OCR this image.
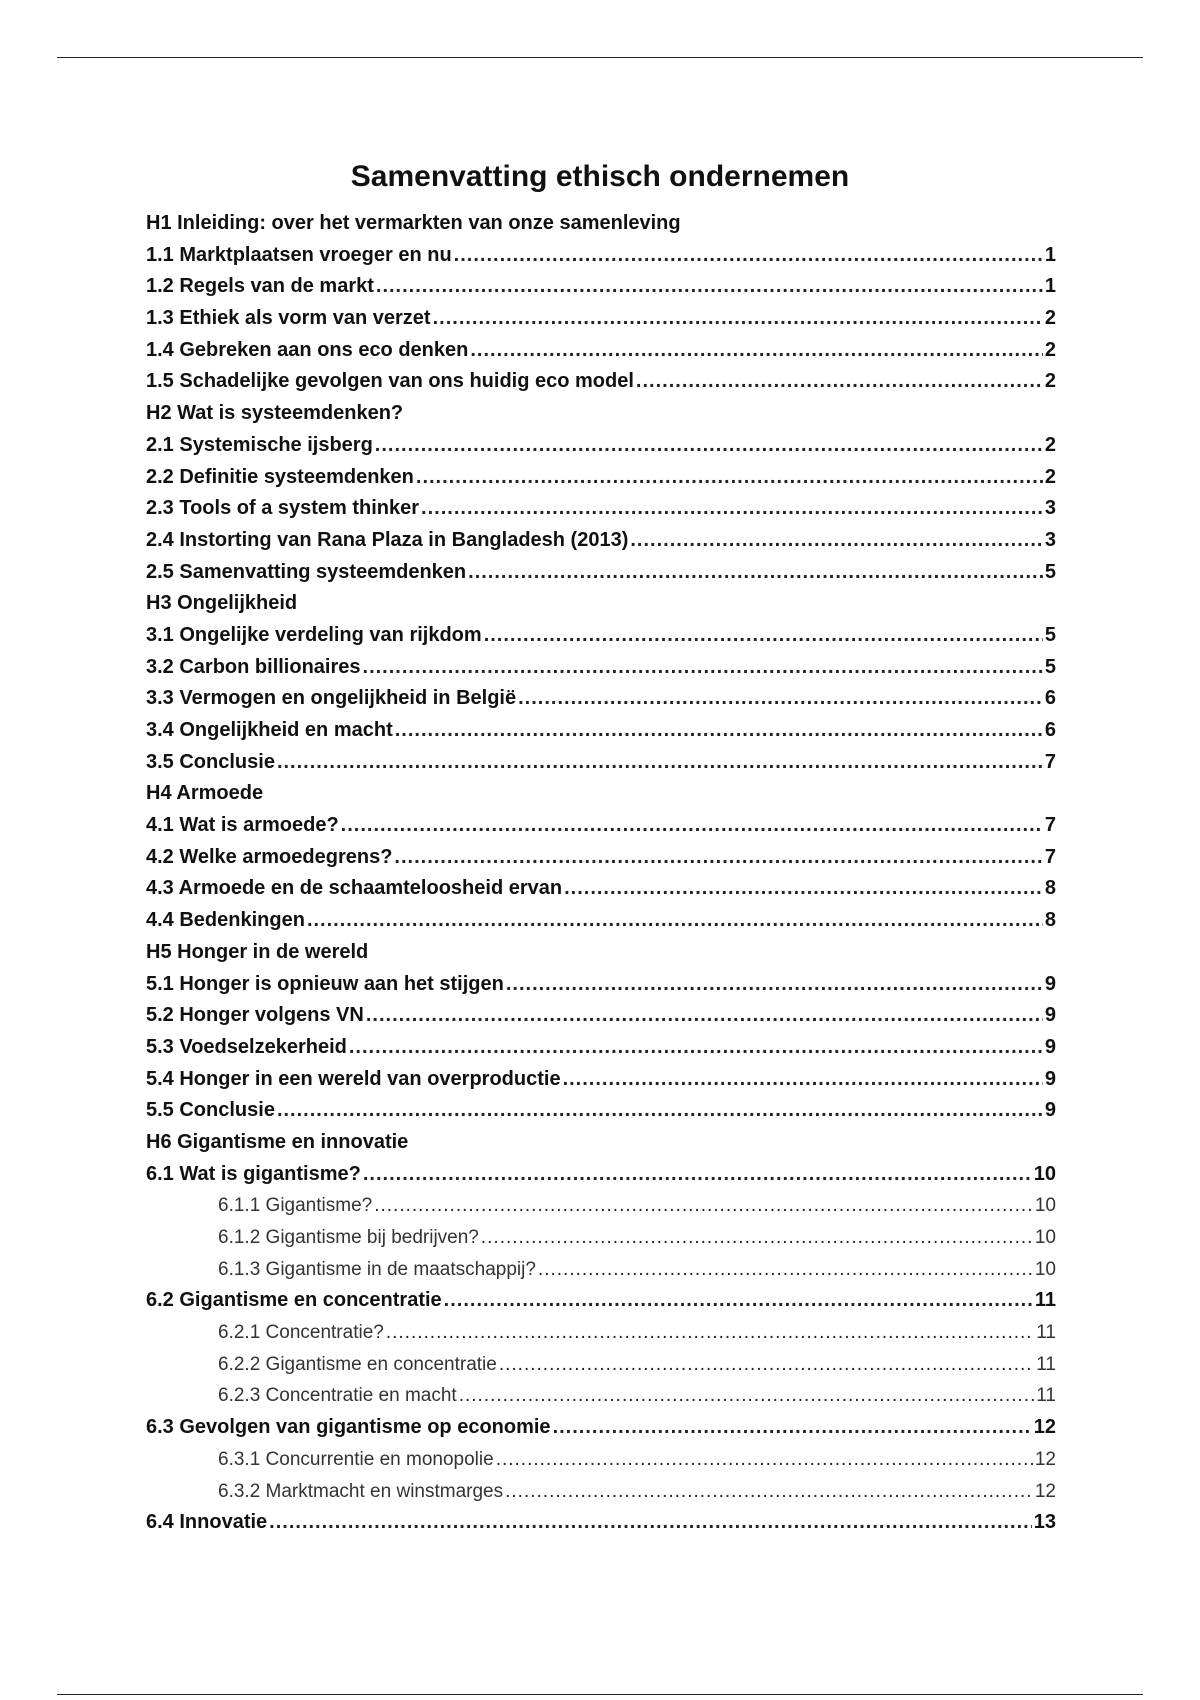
Samenvatting ethisch ondernemen
H1 Inleiding: over het vermarkten van onze samenleving
1.1 Marktplaatsen vroeger en nu .....	1
1.2 Regels van de markt .....	1
1.3 Ethiek als vorm van verzet .....	2
1.4 Gebreken aan ons eco denken .....	2
1.5 Schadelijke gevolgen van ons huidig eco model .....	2
H2 Wat is systeemdenken?
2.1 Systemische ijsberg .....	2
2.2 Definitie systeemdenken .....	2
2.3 Tools of a system thinker .....	3
2.4 Instorting van Rana Plaza in Bangladesh (2013) .....	3
2.5 Samenvatting systeemdenken .....	5
H3 Ongelijkheid
3.1 Ongelijke verdeling van rijkdom .....	5
3.2 Carbon billionaires .....	5
3.3 Vermogen en ongelijkheid in België .....	6
3.4 Ongelijkheid en macht .....	6
3.5 Conclusie .....	7
H4 Armoede
4.1 Wat is armoede? .....	7
4.2 Welke armoedegrens? .....	7
4.3 Armoede en de schaamteloosheid ervan .....	8
4.4 Bedenkingen .....	8
H5 Honger in de wereld
5.1 Honger is opnieuw aan het stijgen .....	9
5.2 Honger volgens VN .....	9
5.3 Voedselzekerheid .....	9
5.4 Honger in een wereld van overproductie .....	9
5.5 Conclusie .....	9
H6 Gigantisme en innovatie
6.1 Wat is gigantisme? .....	10
6.1.1 Gigantisme? .....	10
6.1.2 Gigantisme bij bedrijven? .....	10
6.1.3 Gigantisme in de maatschappij? .....	10
6.2 Gigantisme en concentratie .....	11
6.2.1 Concentratie? .....	11
6.2.2 Gigantisme en concentratie .....	11
6.2.3 Concentratie en macht .....	11
6.3 Gevolgen van gigantisme op economie .....	12
6.3.1 Concurrentie en monopolie .....	12
6.3.2 Marktmacht en winstmarges .....	12
6.4 Innovatie .....	13
